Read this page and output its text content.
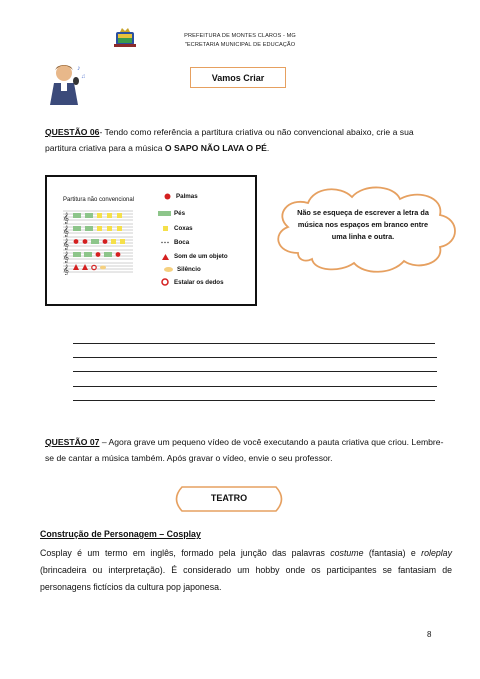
PREFEITURA DE MONTES CLAROS - MG
"ECRETARIA MUNICIPAL DE EDUCAÇÃO
♪
♫	Vamos Criar
QUESTÃO 06- Tendo como referência a partitura criativa ou não convencional abaixo, crie a sua partitura criativa para a música O SAPO NÃO LAVA O PÉ.
Partitura não convencional
𝄞
𝄞
𝄞
𝄞
𝄞
Palmas
Pés
Coxas
Boca
Som de um objeto
Silêncio
Estalar os dedos
Não se esqueça de escrever a letra da música nos espaços em branco entre uma linha e outra.
QUESTÃO 07 – Agora grave um pequeno vídeo de você executando a pauta criativa que criou. Lembre-se de cantar a música também. Após gravar o vídeo, envie o seu professor.
TEATRO
Construção de Personagem – Cosplay
Cosplay é um termo em inglês, formado pela junção das palavras costume (fantasia) e roleplay (brincadeira ou interpretação). É considerado um hobby onde os participantes se fantasiam de personagens fictícios da cultura pop japonesa.
8
